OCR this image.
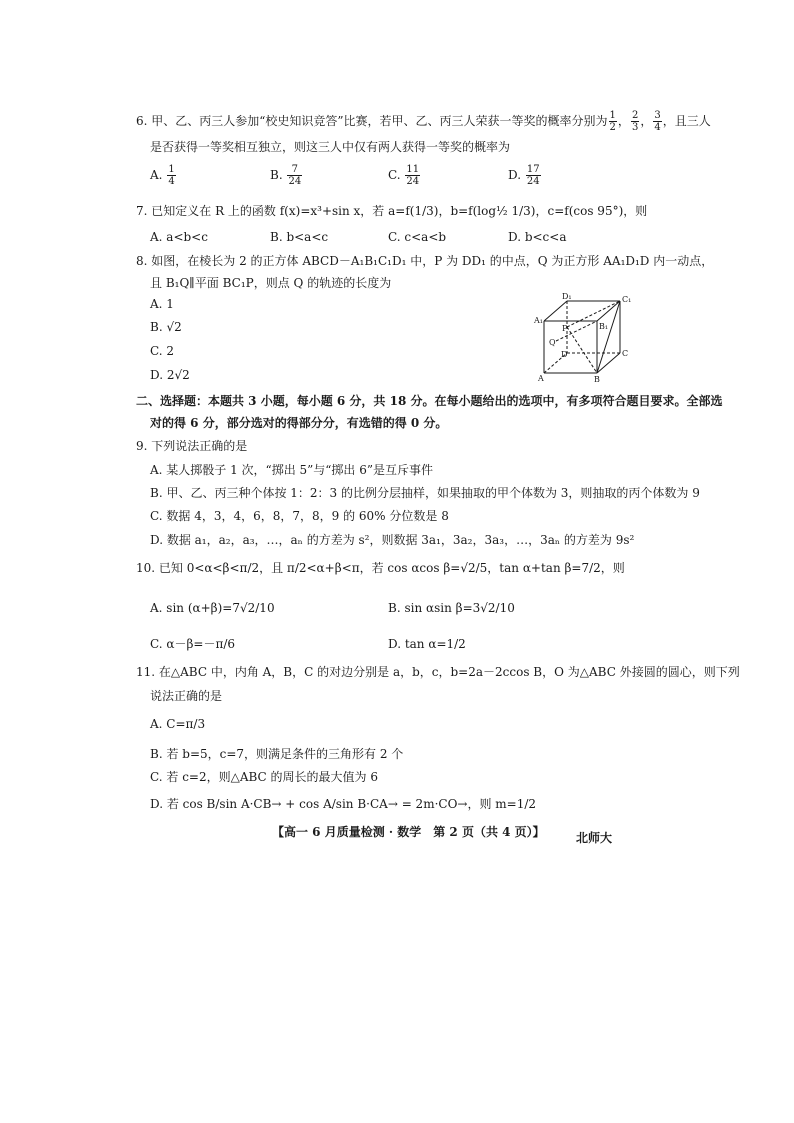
6. 甲、乙、丙三人参加“校史知识竞答”比赛，若甲、乙、丙三人荣获一等奖的概率分别为 $\frac{1}{2}$ ， $\frac{2}{3}$ ， $\frac{3}{4}$ ，且三人
是否获得一等奖相互独立，则这三人中仅有两人获得一等奖的概率为
A. $\frac{1}{4}$	B. $\frac{7}{24}$	C. $\frac{11}{24}$	D. $\frac{17}{24}$
7. 已知定义在 R 上的函数 f(x)=x³+sin x，若 a=f(1/3)，b=f(log½ 1/3)，c=f(cos 95°)，则
A. a<b<c	B. b<a<c	C. c<a<b	D. b<c<a
8. 如图，在棱长为 2 的正方体 ABCD－A₁B₁C₁D₁ 中，P 为 DD₁ 的中点，Q 为正方形 AA₁D₁D 内一动点，
且 B₁Q∥平面 BC₁P，则点 Q 的轨迹的长度为
A. 1
B. √2
C. 2
D. 2√2
D₁	C₁
A₁
B₁
P
Q
D	C
A	B
二、选择题：本题共 3 小题，每小题 6 分，共 18 分。在每小题给出的选项中，有多项符合题目要求。全部选
对的得 6 分，部分选对的得部分分，有选错的得 0 分。
9. 下列说法正确的是
A. 某人掷骰子 1 次，“掷出 5”与“掷出 6”是互斥事件
B. 甲、乙、丙三种个体按 1：2：3 的比例分层抽样，如果抽取的甲个体数为 3，则抽取的丙个体数为 9
C. 数据 4，3，4，6，8，7，8，9 的 60% 分位数是 8
D. 数据 a₁，a₂，a₃，…，aₙ 的方差为 s²，则数据 3a₁，3a₂，3a₃，…，3aₙ 的方差为 9s²
10. 已知 0<α<β<π/2，且 π/2<α+β<π，若 cos αcos β=√2/5，tan α+tan β=7/2，则
A. sin (α+β)=7√2/10	B. sin αsin β=3√2/10
C. α－β=－π/6	D. tan α=1/2
11. 在△ABC 中，内角 A，B，C 的对边分别是 a，b，c，b=2a－2ccos B，O 为△ABC 外接圆的圆心，则下列
说法正确的是
A. C=π/3
B. 若 b=5，c=7，则满足条件的三角形有 2 个
C. 若 c=2，则△ABC 的周长的最大值为 6
D. 若 cos B/sin A·CB→ + cos A/sin B·CA→ = 2m·CO→，则 m=1/2
【高一 6 月质量检测 · 数学　第 2 页（共 4 页）】	北师大
